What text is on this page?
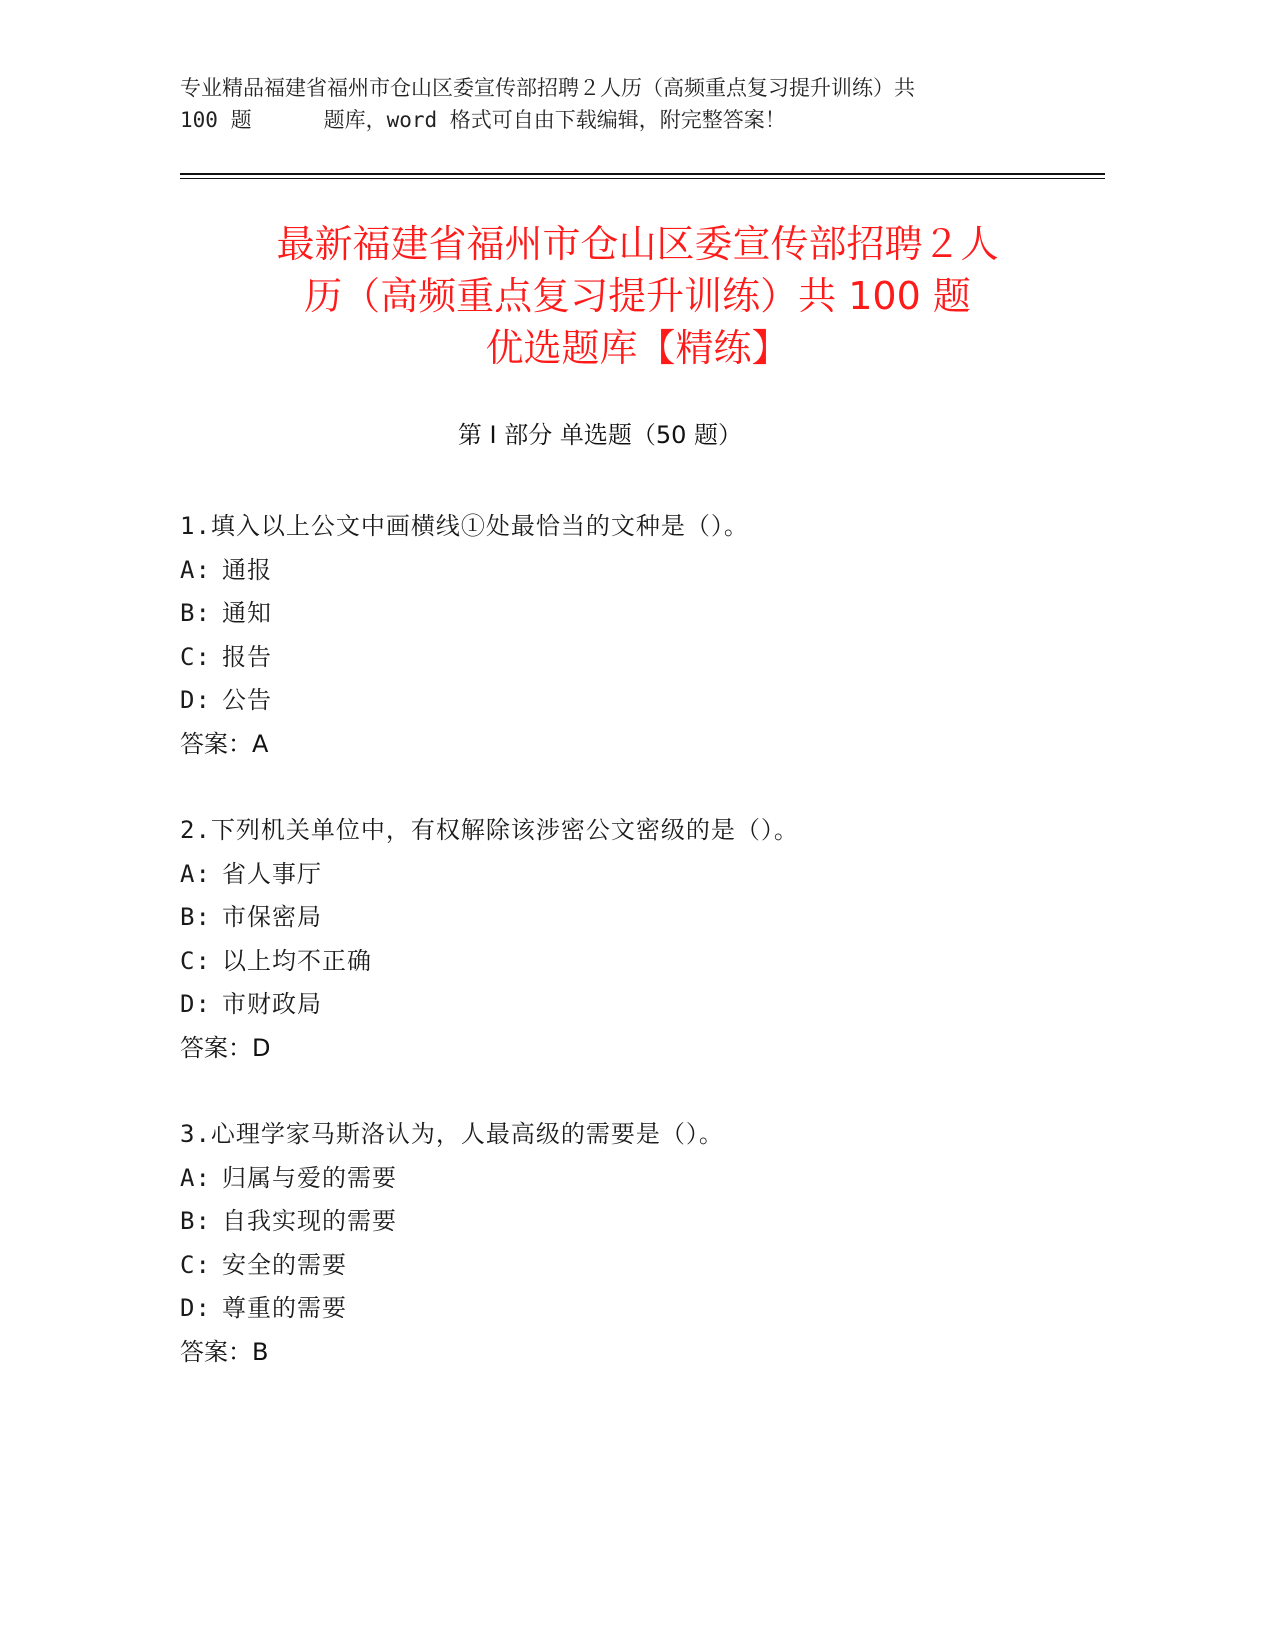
专业精品福建省福州市仓山区委宣传部招聘２人历（高频重点复习提升训练）共
100 题	题库，word 格式可自由下载编辑，附完整答案！
最新福建省福州市仓山区委宣传部招聘２人
历（高频重点复习提升训练）共 100 题
优选题库【精练】
第 I 部分 单选题（50 题）
1.填入以上公文中画横线①处最恰当的文种是（）。
A: 通报
B: 通知
C: 报告
D: 公告
答案：A
2.下列机关单位中，有权解除该涉密公文密级的是（）。
A: 省人事厅
B: 市保密局
C: 以上均不正确
D: 市财政局
答案：D
3.心理学家马斯洛认为，人最高级的需要是（）。
A: 归属与爱的需要
B: 自我实现的需要
C: 安全的需要
D: 尊重的需要
答案：B
